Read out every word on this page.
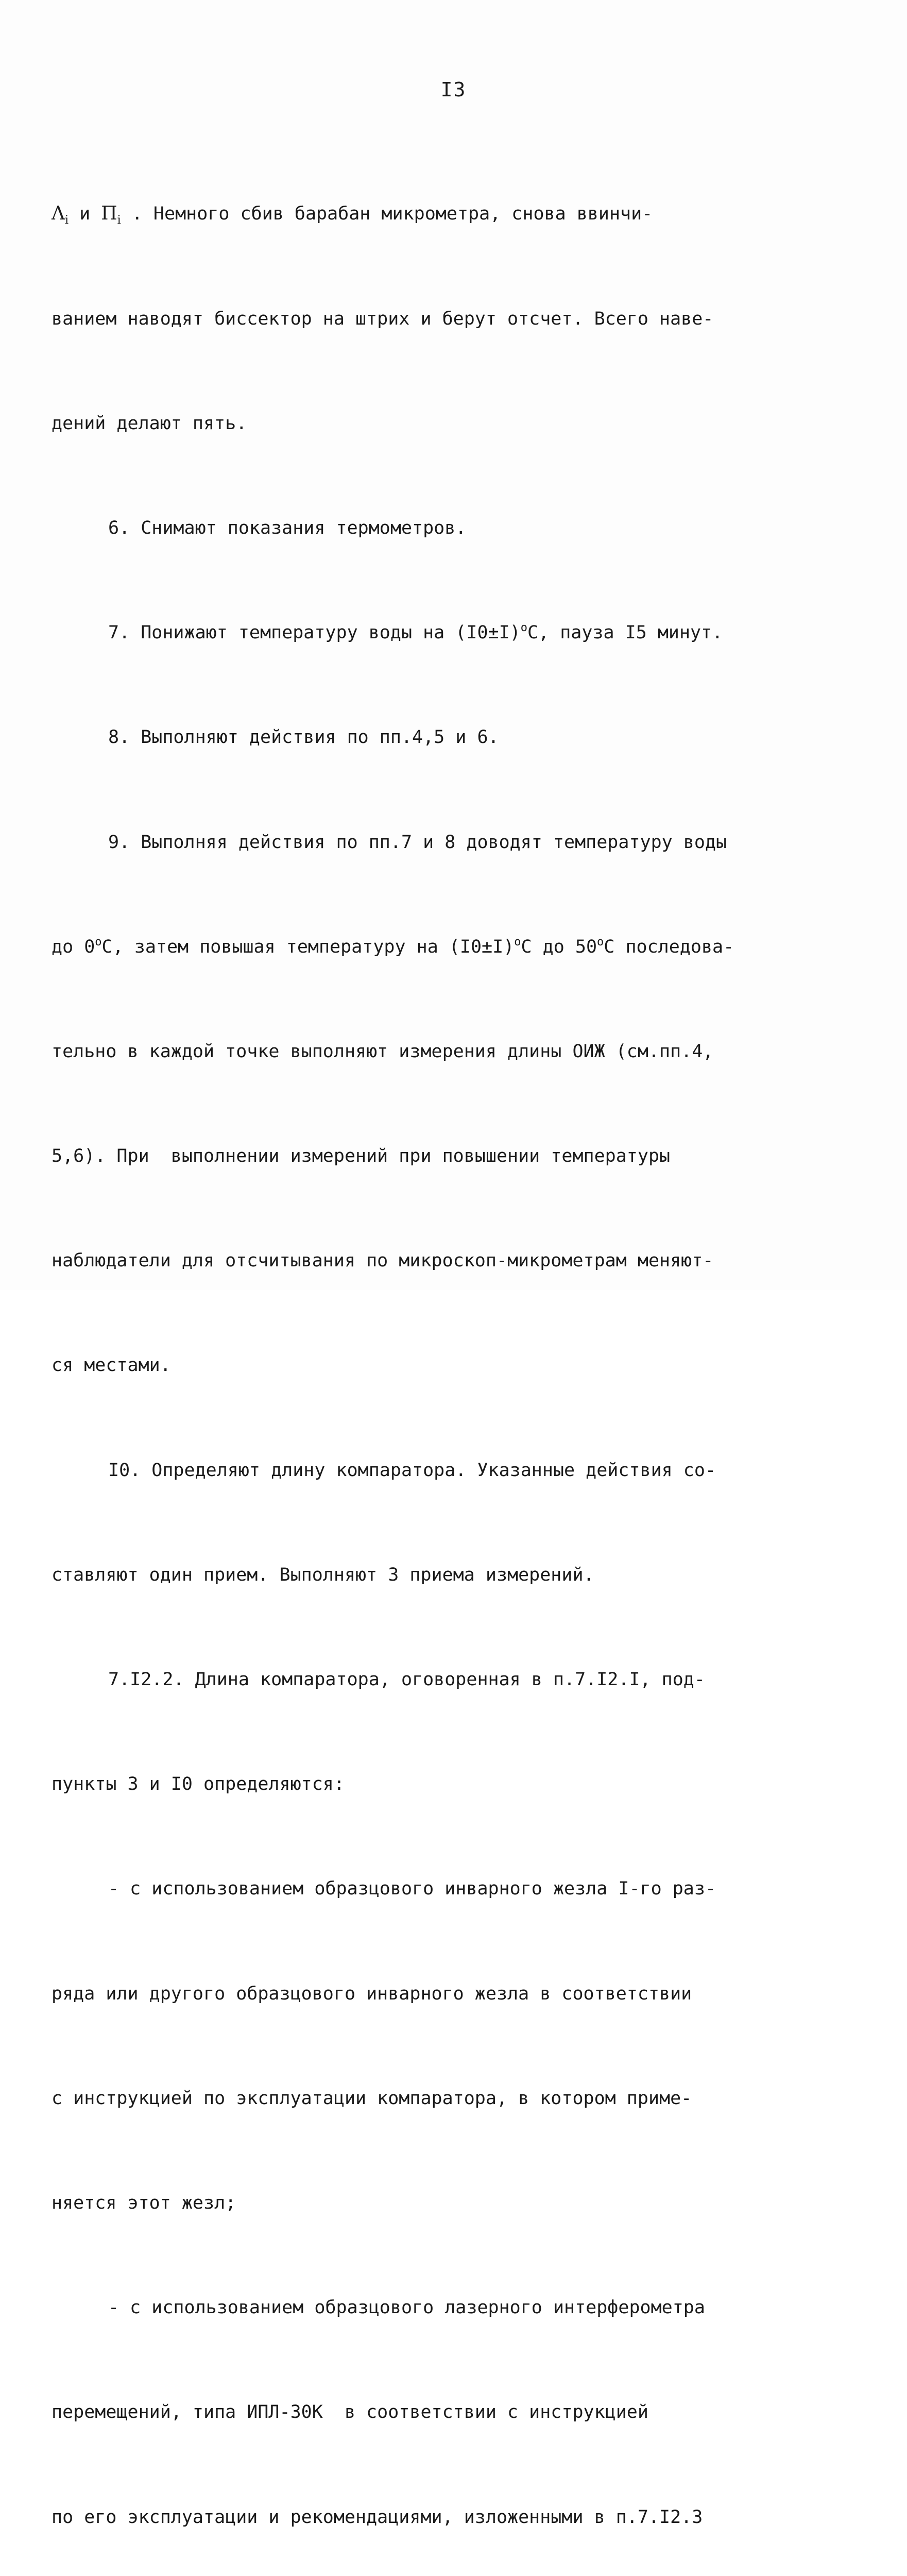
I3

$\Lambda_i$ и $\Pi_i$ . Немного сбив барабан микрометра, снова ввинчи-

ванием наводят биссектор на штрих и берут отсчет. Всего наве-

дений делают пять.

6. Снимают показания термометров.

7. Понижают температуру воды на $(I0\pm I)^oС$, пауза I5 минут.

8. Выполняют действия по пп.4,5 и 6.

9. Выполняя действия по пп.7 и 8 доводят температуру воды

до 0$^o$С, затем повышая температуру на $(I0\pm I)^oС$ до 50$^o$С последова-

тельно в каждой точке выполняют измерения длины ОИЖ (см.пп.4,

5,6). При  выполнении измерений при повышении температуры

наблюдатели для отсчитывания по микроскоп-микрометрам меняют-

ся местами.

I0. Определяют длину компаратора. Указанные действия со-

ставляют один прием. Выполняют 3 приема измерений.

7.I2.2. Длина компаратора, оговоренная в п.7.I2.I, под-

пункты 3 и I0 определяются:

- с использованием образцового инварного жезла I-го раз-

ряда или другого образцового инварного жезла в соответствии

с инструкцией по эксплуатации компаратора, в котором приме-

няется этот жезл;

- с использованием образцового лазерного интерферометра

перемещений, типа ИПЛ-30К  в соответствии с инструкцией

по его эксплуатации и рекомендациями, изложенными в п.7.I2.3
